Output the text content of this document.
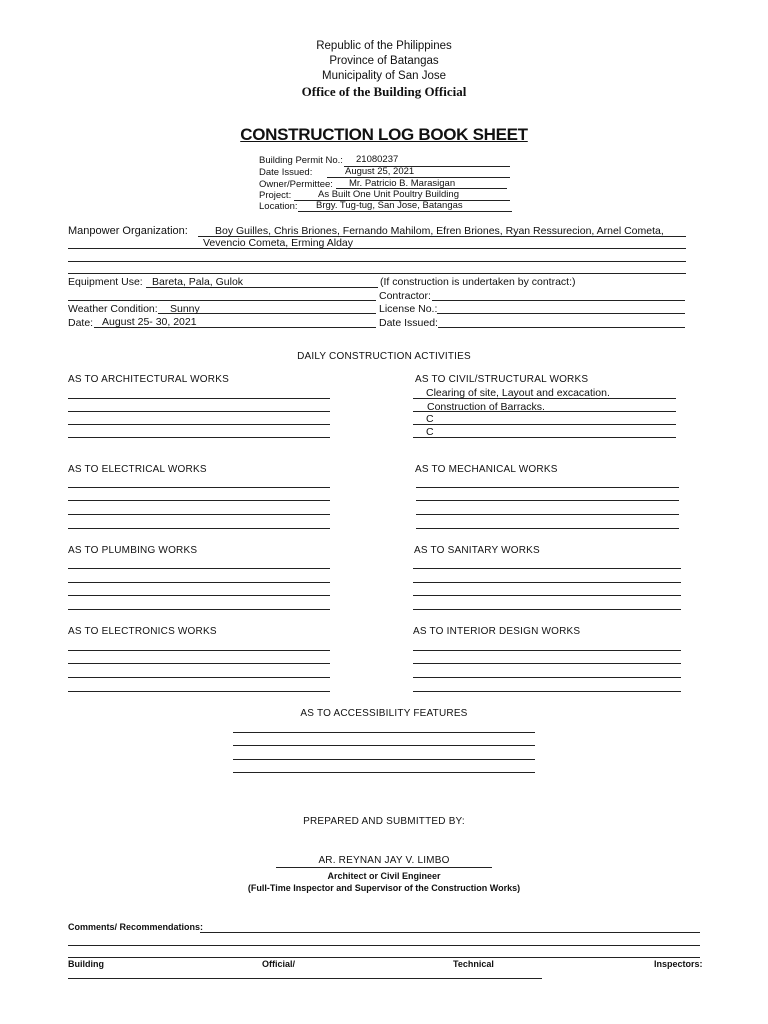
Republic of the Philippines
Province of Batangas
Municipality of San Jose
Office of the Building Official
CONSTRUCTION LOG BOOK SHEET
Building Permit No.: 21080237
Date Issued:	August 25, 2021
Owner/Permittee: Mr. Patricio B. Marasigan
Project:	As Built One Unit Poultry Building
Location: Brgy. Tug-tug, San Jose, Batangas
Manpower Organization:	Boy Guilles, Chris Briones, Fernando Mahilom, Efren Briones, Ryan Ressurecion, Arnel Cometa,
Vevencio Cometa, Erming Alday
Equipment Use: Bareta, Pala, Gulok	(If construction is undertaken by contract:)
Contractor:
Weather Condition: Sunny	License No.:
Date: August 25- 30, 2021	Date Issued:
DAILY CONSTRUCTION ACTIVITIES
AS TO ARCHITECTURAL WORKS	AS TO CIVIL/STRUCTURAL WORKS
Clearing of site, Layout and excacation.
Construction of Barracks.
C
C
AS TO ELECTRICAL WORKS	AS TO MECHANICAL WORKS
AS TO PLUMBING WORKS	AS TO SANITARY WORKS
AS TO ELECTRONICS WORKS	AS TO INTERIOR DESIGN WORKS
AS TO ACCESSIBILITY FEATURES
PREPARED AND SUBMITTED BY:
AR. REYNAN JAY V. LIMBO
Architect or Civil Engineer
(Full-Time Inspector and Supervisor of the Construction Works)
Comments/ Recommendations:
Building	Official/	Technical	Inspectors:
